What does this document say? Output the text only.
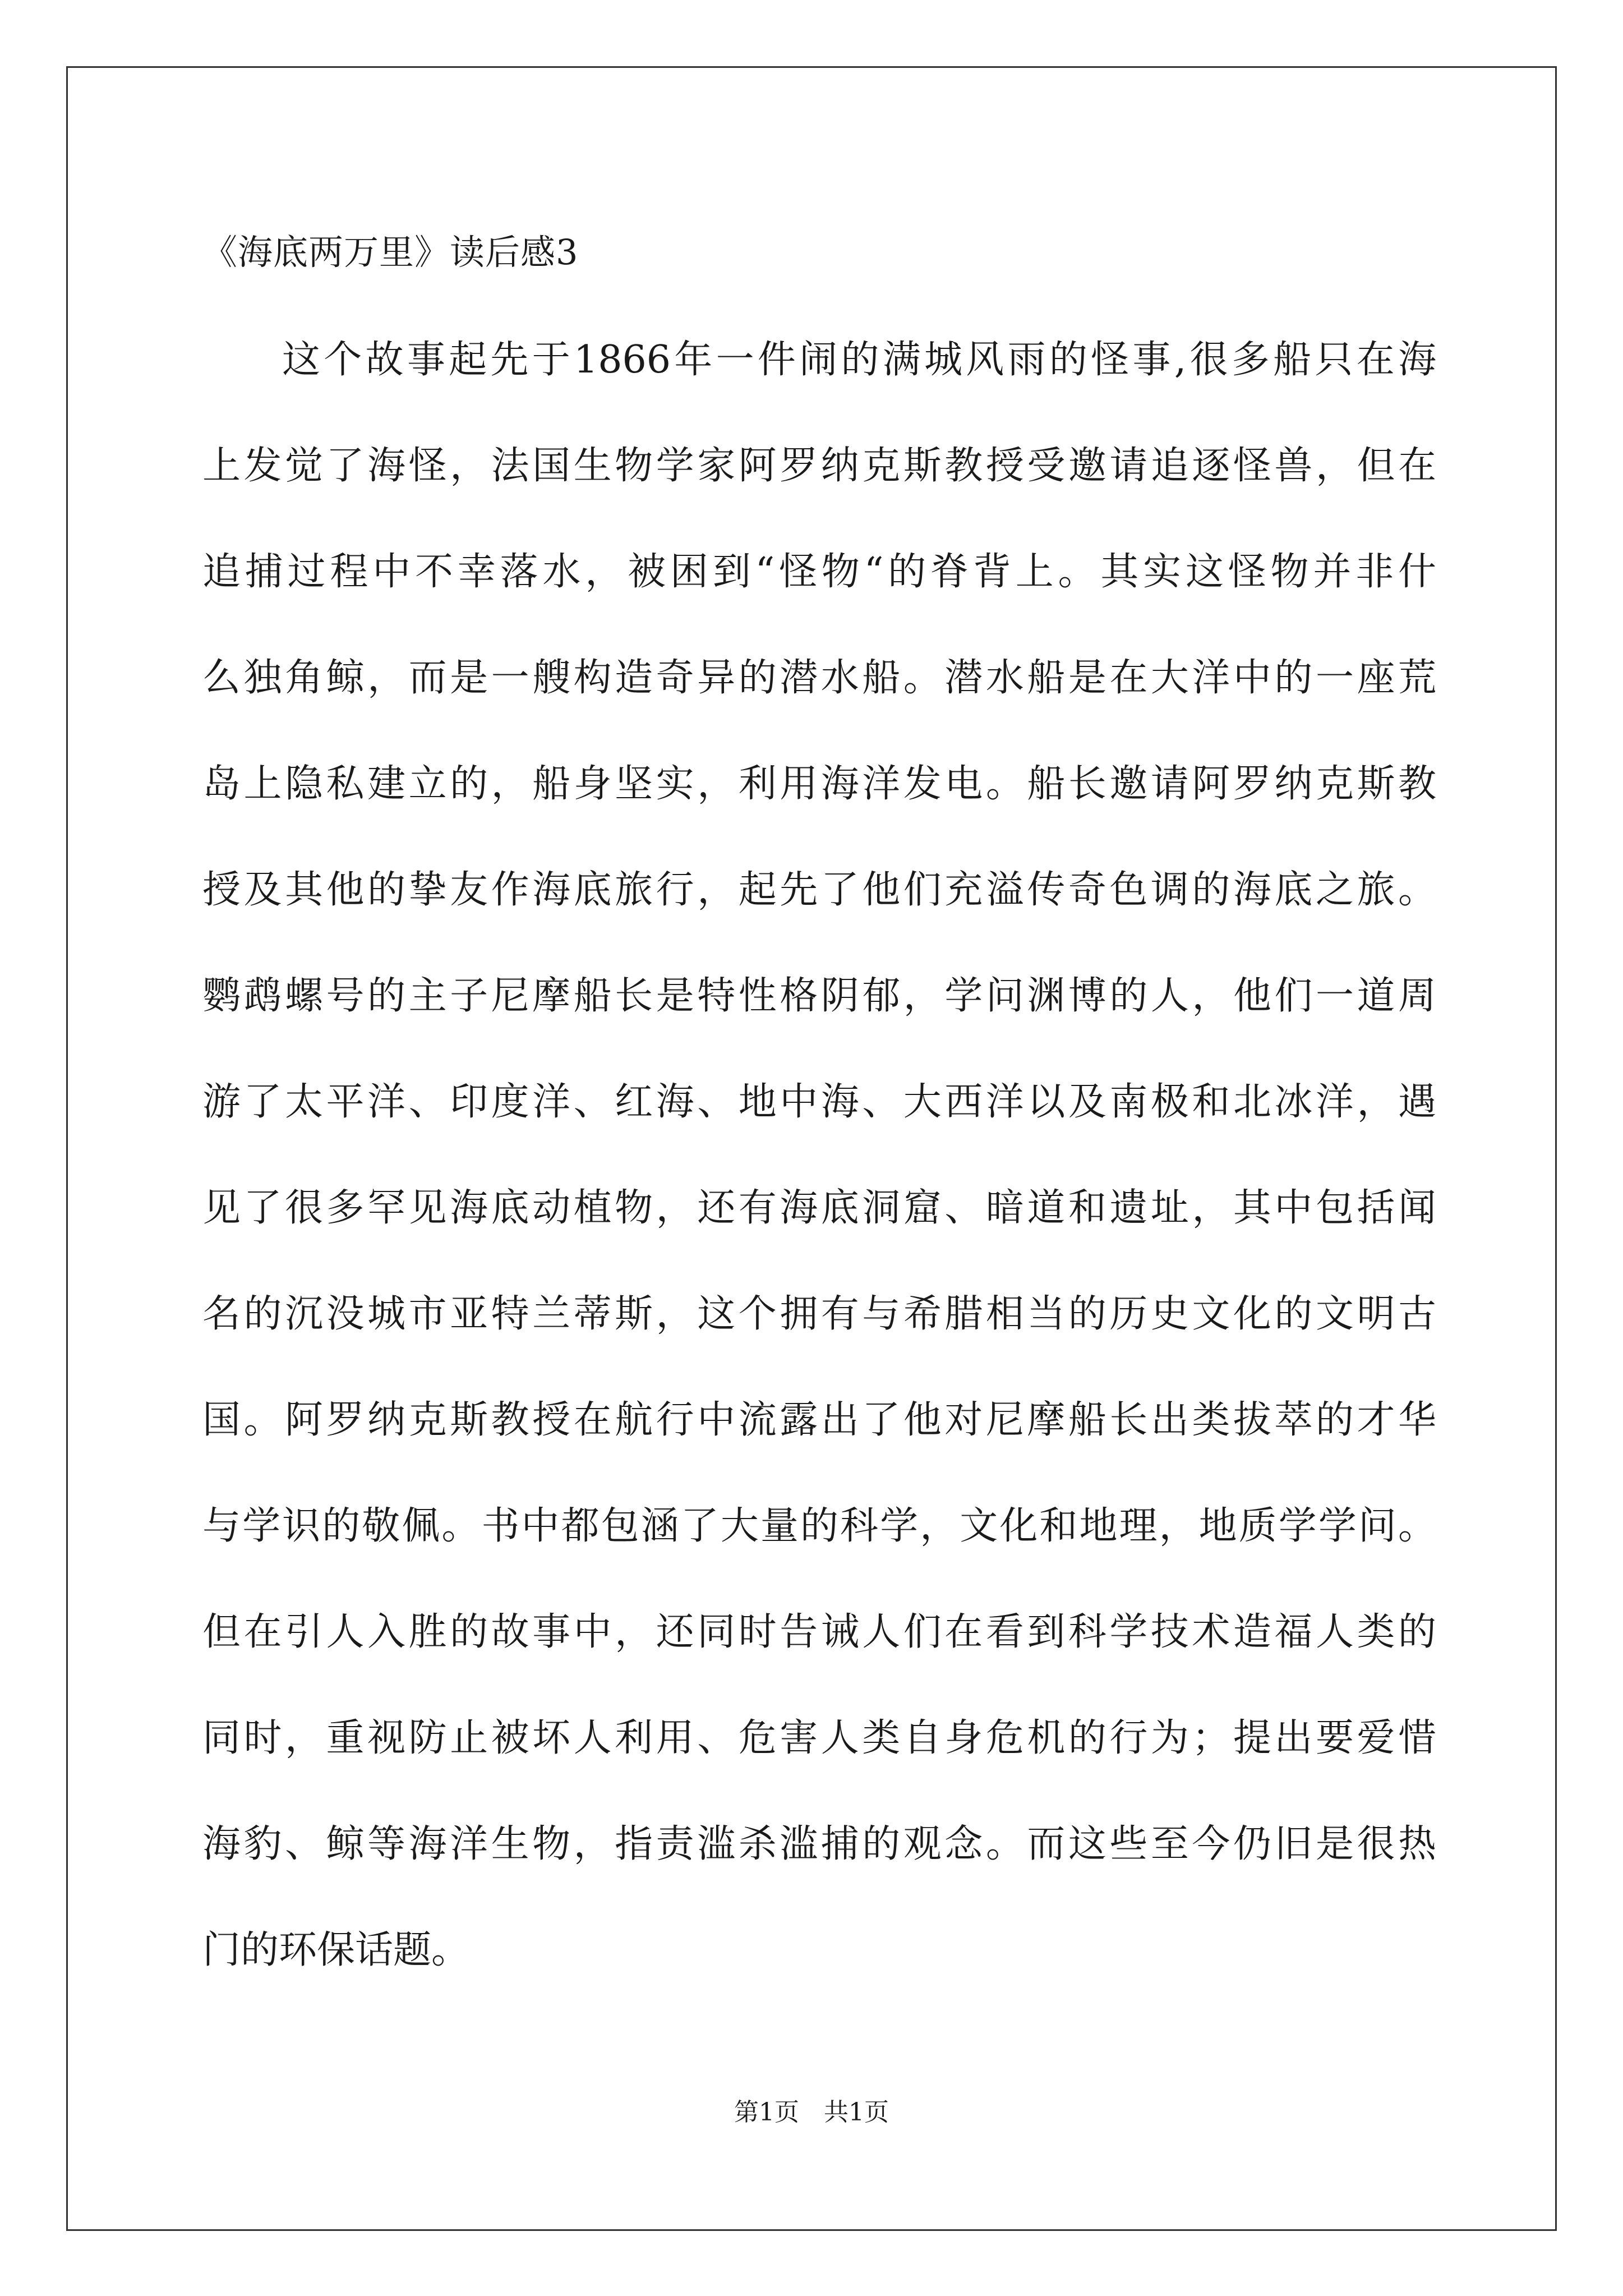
《海底两万里》读后感3
这个故事起先于1866年一件闹的满城风雨的怪事,很多船只在海
上发觉了海怪，法国生物学家阿罗纳克斯教授受邀请追逐怪兽，但在
追捕过程中不幸落水，被困到“怪物“的脊背上。其实这怪物并非什
么独角鲸，而是一艘构造奇异的潜水船。潜水船是在大洋中的一座荒
岛上隐私建立的，船身坚实，利用海洋发电。船长邀请阿罗纳克斯教
授及其他的挚友作海底旅行，起先了他们充溢传奇色调的海底之旅。
鹦鹉螺号的主子尼摩船长是特性格阴郁，学问渊博的人，他们一道周
游了太平洋、印度洋、红海、地中海、大西洋以及南极和北冰洋，遇
见了很多罕见海底动植物，还有海底洞窟、暗道和遗址，其中包括闻
名的沉没城市亚特兰蒂斯，这个拥有与希腊相当的历史文化的文明古
国。阿罗纳克斯教授在航行中流露出了他对尼摩船长出类拔萃的才华
与学识的敬佩。书中都包涵了大量的科学，文化和地理，地质学学问。
但在引人入胜的故事中，还同时告诫人们在看到科学技术造福人类的
同时，重视防止被坏人利用、危害人类自身危机的行为；提出要爱惜
海豹、鲸等海洋生物，指责滥杀滥捕的观念。而这些至今仍旧是很热
门的环保话题。
第1页　共1页
